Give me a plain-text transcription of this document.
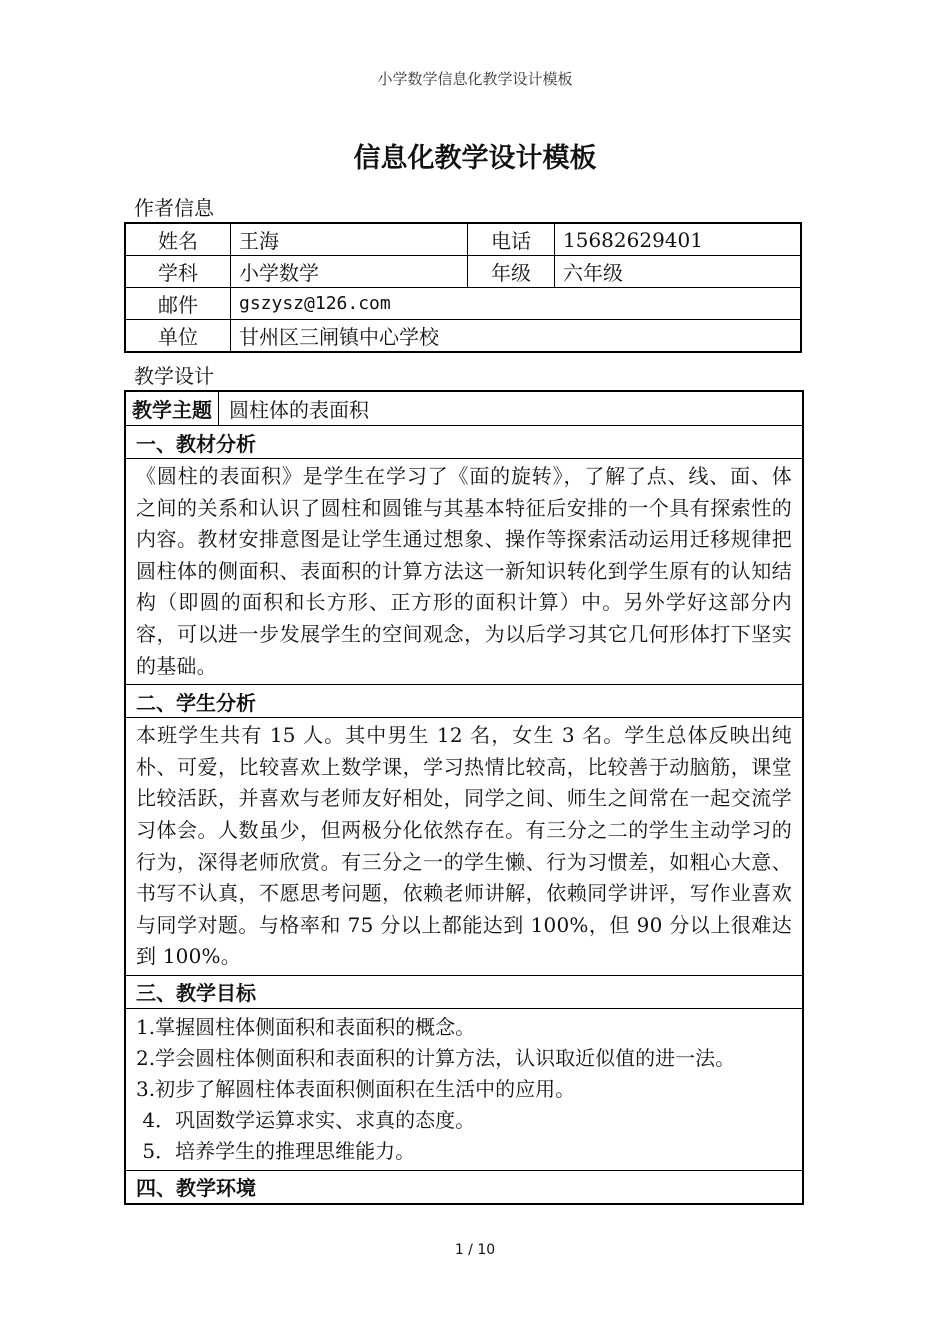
小学数学信息化教学设计模板
信息化教学设计模板
作者信息
姓名	王海	电话	15682629401
学科	小学数学	年级	六年级
邮件	gszysz@126.com		
单位	甘州区三闸镇中心学校		
教学设计
教学主题	圆柱体的表面积
一、教材分析
《圆柱的表面积》是学生在学习了《面的旋转》，了解了点、线、面、体之间的关系和认识了圆柱和圆锥与其基本特征后安排的一个具有探索性的内容。教材安排意图是让学生通过想象、操作等探索活动运用迁移规律把圆柱体的侧面积、表面积的计算方法这一新知识转化到学生原有的认知结构（即圆的面积和长方形、正方形的面积计算）中。另外学好这部分内容，可以进一步发展学生的空间观念，为以后学习其它几何形体打下坚实的基础。
二、学生分析
本班学生共有 15 人。其中男生 12 名，女生 3 名。学生总体反映出纯朴、可爱，比较喜欢上数学课，学习热情比较高，比较善于动脑筋，课堂比较活跃，并喜欢与老师友好相处，同学之间、师生之间常在一起交流学习体会。人数虽少，但两极分化依然存在。有三分之二的学生主动学习的行为，深得老师欣赏。有三分之一的学生懒、行为习惯差，如粗心大意、书写不认真，不愿思考问题，依赖老师讲解，依赖同学讲评，写作业喜欢与同学对题。与格率和 75 分以上都能达到 100%，但 90 分以上很难达到 100%。
三、教学目标

1.掌握圆柱体侧面积和表面积的概念。
2.学会圆柱体侧面积和表面积的计算方法，认识取近似值的进一法。
3.初步了解圆柱体表面积侧面积在生活中的应用。
4．巩固数学运算求实、求真的态度。
5．培养学生的推理思维能力。

四、教学环境
1 / 10
